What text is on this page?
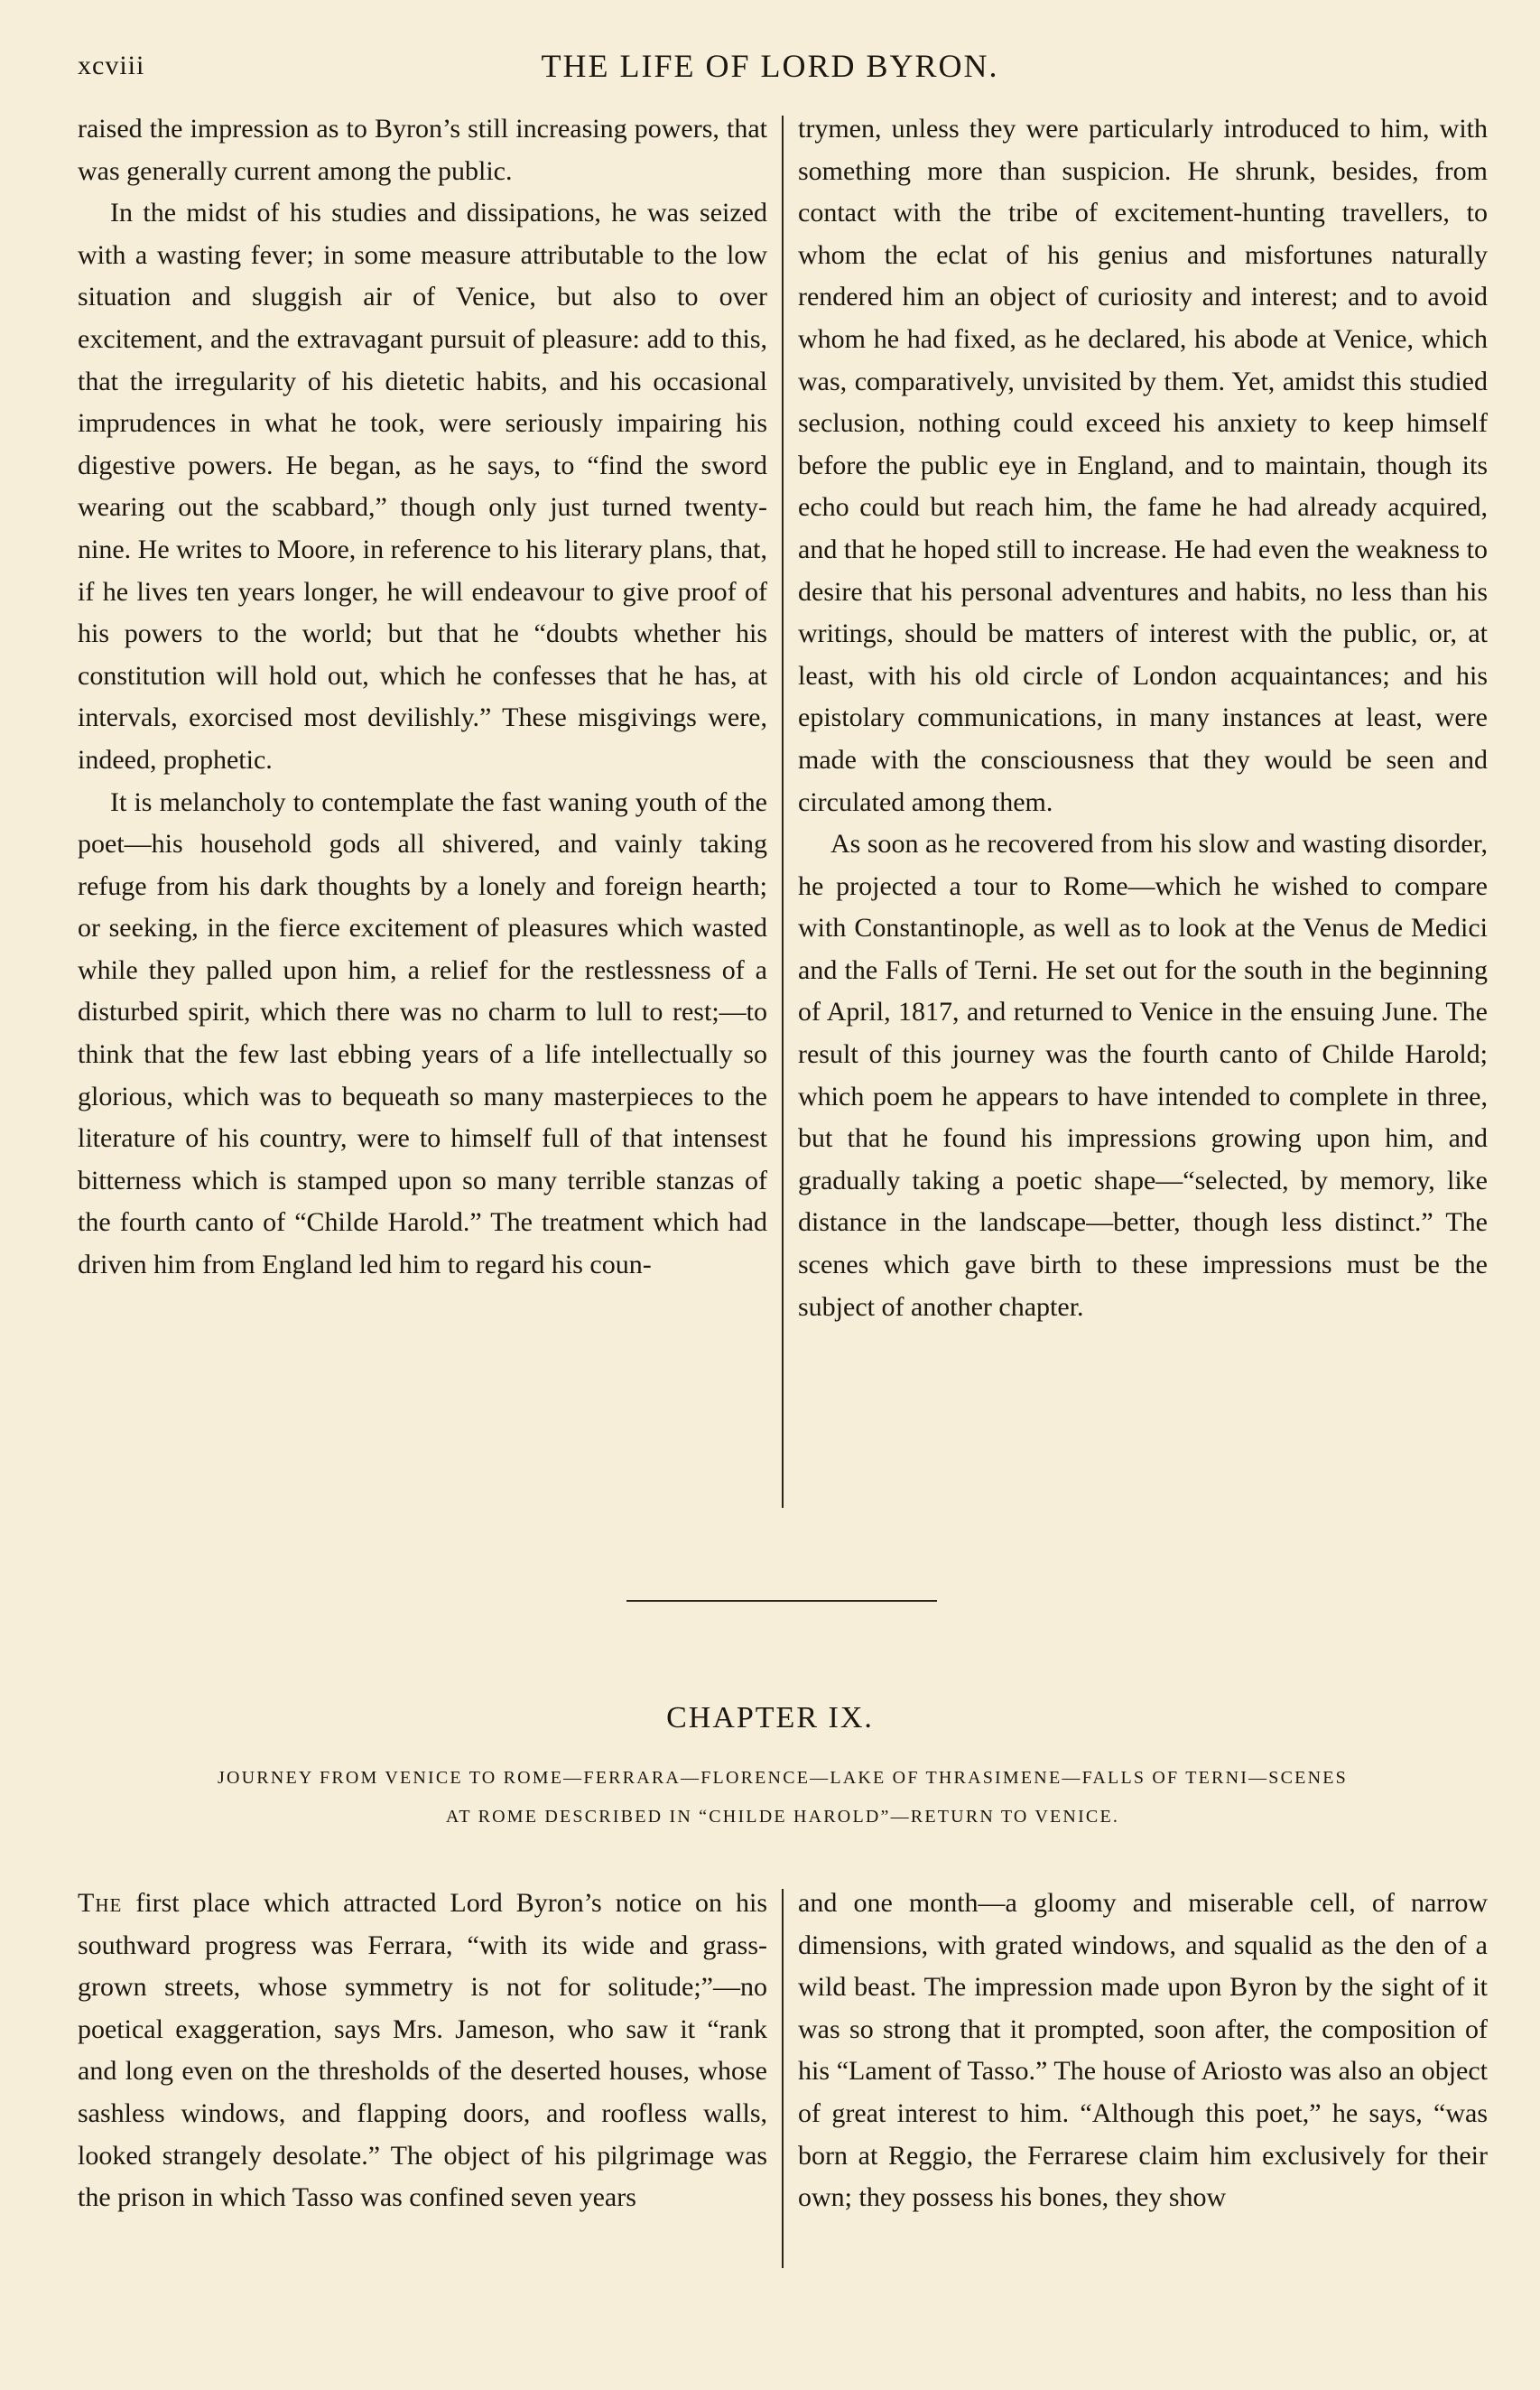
xcviii	THE LIFE OF LORD BYRON.

raised the impression as to Byron’s still increasing powers, that was generally current among the public.

In the midst of his studies and dissipations, he was seized with a wasting fever; in some measure attributable to the low situation and sluggish air of Venice, but also to over excitement, and the extravagant pursuit of pleasure: add to this, that the irregularity of his dietetic habits, and his occasional imprudences in what he took, were seriously impairing his digestive powers. He began, as he says, to “find the sword wearing out the scabbard,” though only just turned twenty-nine. He writes to Moore, in reference to his literary plans, that, if he lives ten years longer, he will endeavour to give proof of his powers to the world; but that he “doubts whether his constitution will hold out, which he confesses that he has, at intervals, exorcised most devilishly.” These misgivings were, indeed, prophetic.

It is melancholy to contemplate the fast waning youth of the poet—his household gods all shivered, and vainly taking refuge from his dark thoughts by a lonely and foreign hearth; or seeking, in the fierce excitement of pleasures which wasted while they palled upon him, a relief for the restlessness of a disturbed spirit, which there was no charm to lull to rest;—to think that the few last ebbing years of a life intellectually so glorious, which was to bequeath so many masterpieces to the literature of his country, were to himself full of that intensest bitterness which is stamped upon so many terrible stanzas of the fourth canto of “Childe Harold.” The treatment which had driven him from England led him to regard his coun-

trymen, unless they were particularly introduced to him, with something more than suspicion. He shrunk, besides, from contact with the tribe of excitement-hunting travellers, to whom the eclat of his genius and misfortunes naturally rendered him an object of curiosity and interest; and to avoid whom he had fixed, as he declared, his abode at Venice, which was, comparatively, unvisited by them. Yet, amidst this studied seclusion, nothing could exceed his anxiety to keep himself before the public eye in England, and to maintain, though its echo could but reach him, the fame he had already acquired, and that he hoped still to increase. He had even the weakness to desire that his personal adventures and habits, no less than his writings, should be matters of interest with the public, or, at least, with his old circle of London acquaintances; and his epistolary communications, in many instances at least, were made with the consciousness that they would be seen and circulated among them.

As soon as he recovered from his slow and wasting disorder, he projected a tour to Rome—which he wished to compare with Constantinople, as well as to look at the Venus de Medici and the Falls of Terni. He set out for the south in the beginning of April, 1817, and returned to Venice in the ensuing June. The result of this journey was the fourth canto of Childe Harold; which poem he appears to have intended to complete in three, but that he found his impressions growing upon him, and gradually taking a poetic shape—“selected, by memory, like distance in the landscape—better, though less distinct.” The scenes which gave birth to these impressions must be the subject of another chapter.

CHAPTER IX.
JOURNEY FROM VENICE TO ROME—FERRARA—FLORENCE—LAKE OF THRASIMENE—FALLS OF TERNI—SCENES
AT ROME DESCRIBED IN “CHILDE HAROLD”—RETURN TO VENICE.

The first place which attracted Lord Byron’s notice on his southward progress was Ferrara, “with its wide and grass-grown streets, whose symmetry is not for solitude;”—no poetical exaggeration, says Mrs. Jameson, who saw it “rank and long even on the thresholds of the deserted houses, whose sashless windows, and flapping doors, and roofless walls, looked strangely desolate.” The object of his pilgrimage was the prison in which Tasso was confined seven years

and one month—a gloomy and miserable cell, of narrow dimensions, with grated windows, and squalid as the den of a wild beast. The impression made upon Byron by the sight of it was so strong that it prompted, soon after, the composition of his “Lament of Tasso.” The house of Ariosto was also an object of great interest to him. “Although this poet,” he says, “was born at Reggio, the Ferrarese claim him exclusively for their own; they possess his bones, they show
